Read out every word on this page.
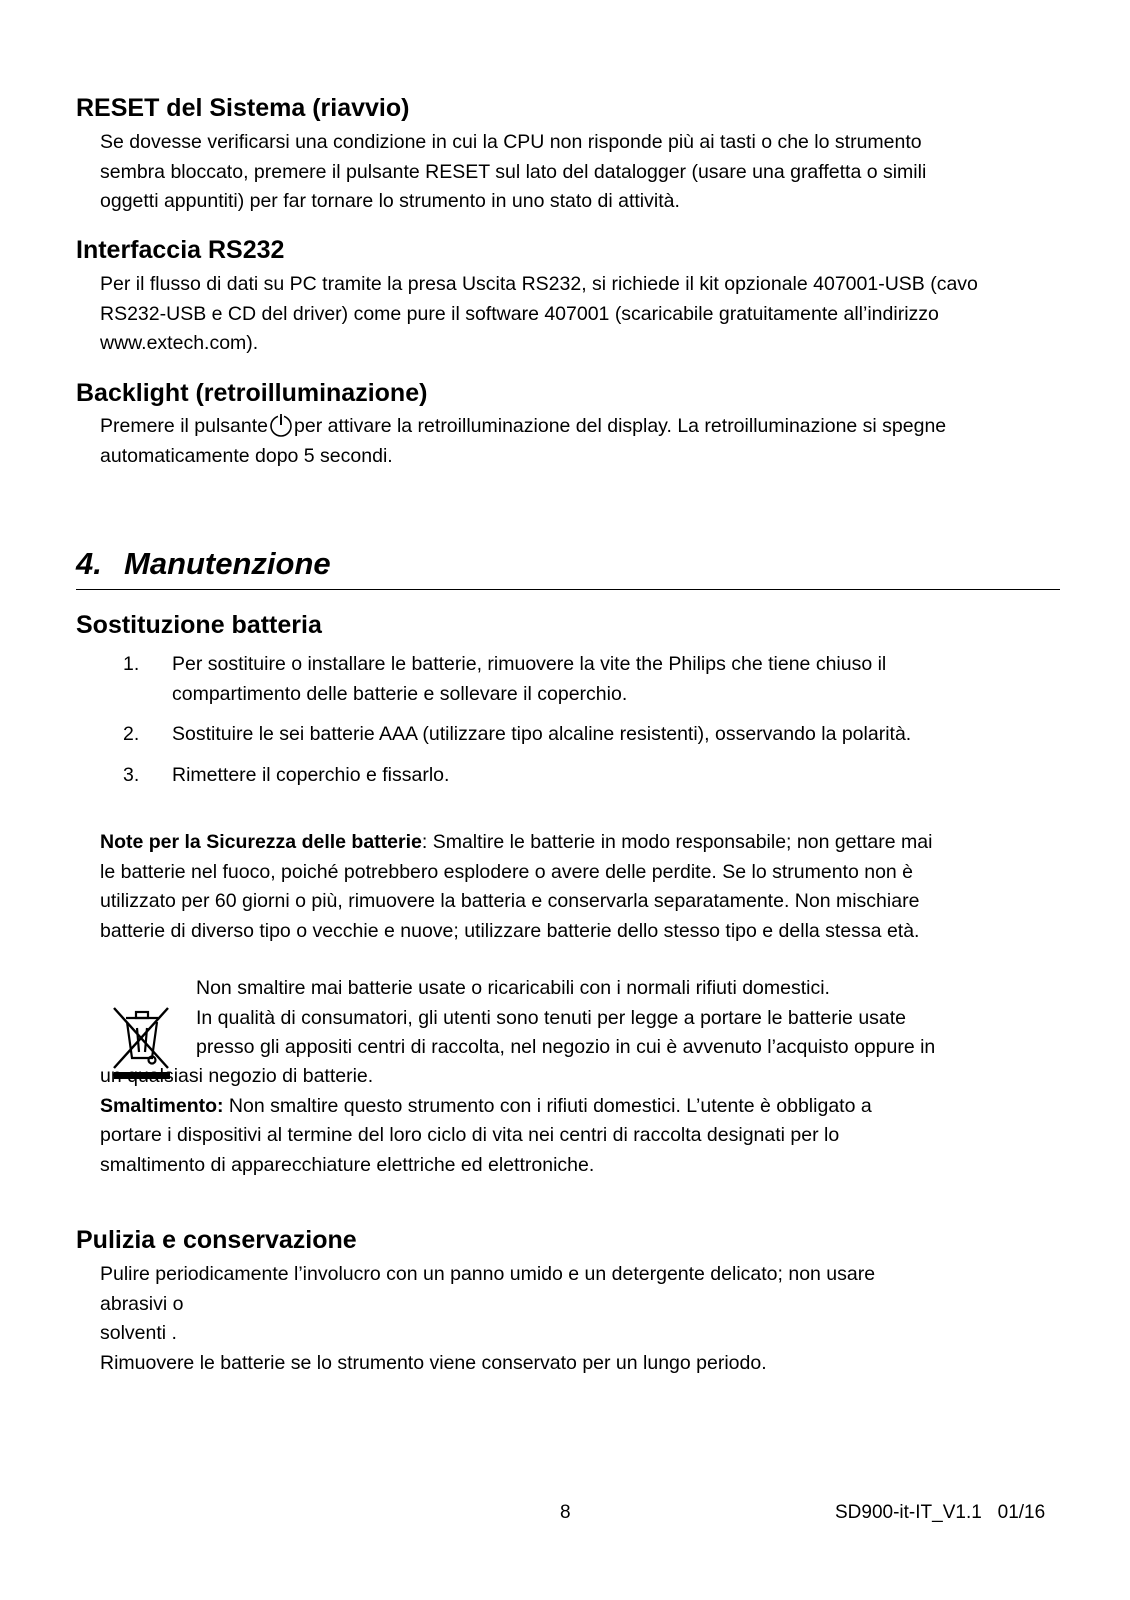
RESET del Sistema (riavvio)
Se dovesse verificarsi una condizione in cui la CPU non risponde più ai tasti o che lo strumento
sembra bloccato, premere il pulsante RESET sul lato del datalogger (usare una graffetta o simili
oggetti appuntiti) per far tornare lo strumento in uno stato di attività.
Interfaccia RS232
Per il flusso di dati su PC tramite la presa Uscita RS232, si richiede il kit opzionale 407001-USB (cavo
RS232-USB e CD del driver) come pure il software 407001 (scaricabile gratuitamente all’indirizzo
www.extech.com).
Backlight (retroilluminazione)
Premere il pulsante per attivare la retroilluminazione del display. La retroilluminazione si spegne
automaticamente dopo 5 secondi.
4. Manutenzione
Sostituzione batteria
1. Per sostituire o installare le batterie, rimuovere la vite the Philips che tiene chiuso il
compartimento delle batterie e sollevare il coperchio.
2. Sostituire le sei batterie AAA (utilizzare tipo alcaline resistenti), osservando la polarità.
3. Rimettere il coperchio e fissarlo.
Note per la Sicurezza delle batterie: Smaltire le batterie in modo responsabile; non gettare mai
le batterie nel fuoco, poiché potrebbero esplodere o avere delle perdite. Se lo strumento non è
utilizzato per 60 giorni o più, rimuovere la batteria e conservarla separatamente. Non mischiare
batterie di diverso tipo o vecchie e nuove; utilizzare batterie dello stesso tipo e della stessa età.
Non smaltire mai batterie usate o ricaricabili con i normali rifiuti domestici.
In qualità di consumatori, gli utenti sono tenuti per legge a portare le batterie usate
presso gli appositi centri di raccolta, nel negozio in cui è avvenuto l’acquisto oppure in
un qualsiasi negozio di batterie.
Smaltimento: Non smaltire questo strumento con i rifiuti domestici. L’utente è obbligato a
portare i dispositivi al termine del loro ciclo di vita nei centri di raccolta designati per lo
smaltimento di apparecchiature elettriche ed elettroniche.
Pulizia e conservazione
Pulire periodicamente l’involucro con un panno umido e un detergente delicato; non usare
abrasivi o
solventi .
Rimuovere le batterie se lo strumento viene conservato per un lungo periodo.
8	SD900-it-IT_V1.1   01/16
